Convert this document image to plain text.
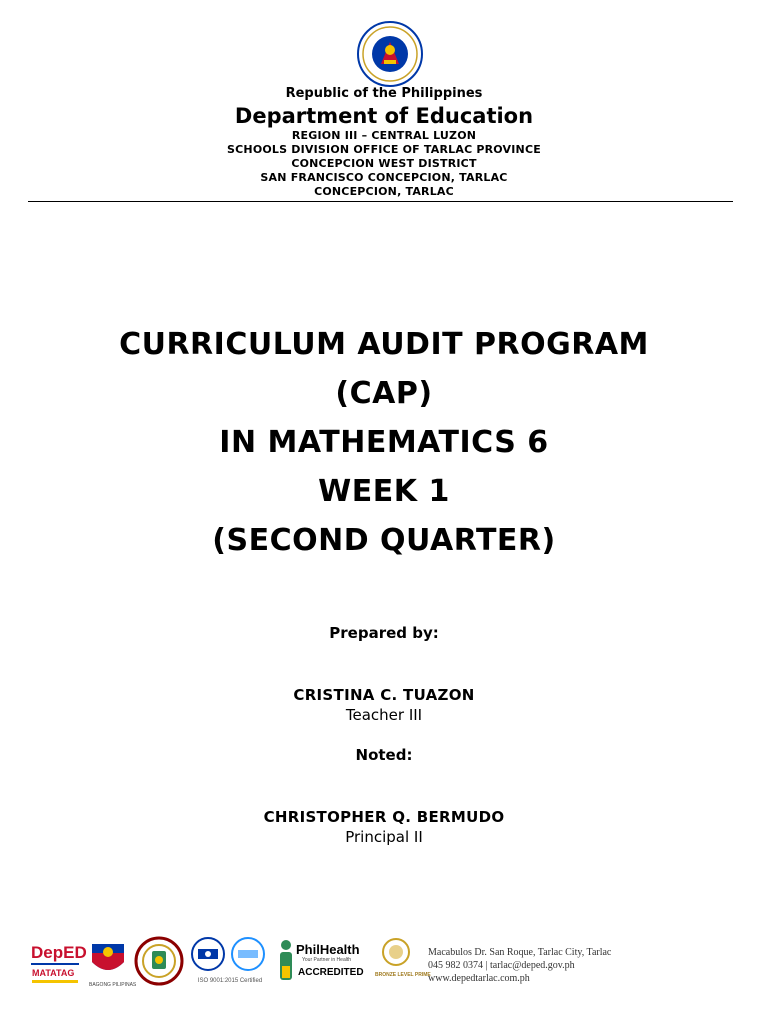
Republic of the Philippines
Department of Education
REGION III – CENTRAL LUZON
SCHOOLS DIVISION OFFICE OF TARLAC PROVINCE
CONCEPCION WEST DISTRICT
SAN FRANCISCO CONCEPCION, TARLAC
CONCEPCION, TARLAC
CURRICULUM AUDIT PROGRAM
(CAP)
IN MATHEMATICS 6
WEEK 1
(SECOND QUARTER)
Prepared by:
CRISTINA C. TUAZON
Teacher III
Noted:
CHRISTOPHER Q. BERMUDO
Principal II
DepED
MATATAG
BAGONG PILIPINAS
ISO 9001:2015 Certified
PhilHealth
Your Partner in Health
ACCREDITED BRONZE LEVEL PRIME
Macabulos Dr. San Roque, Tarlac City, Tarlac
045 982 0374 | tarlac@deped.gov.ph
www.depedtarlac.com.ph
